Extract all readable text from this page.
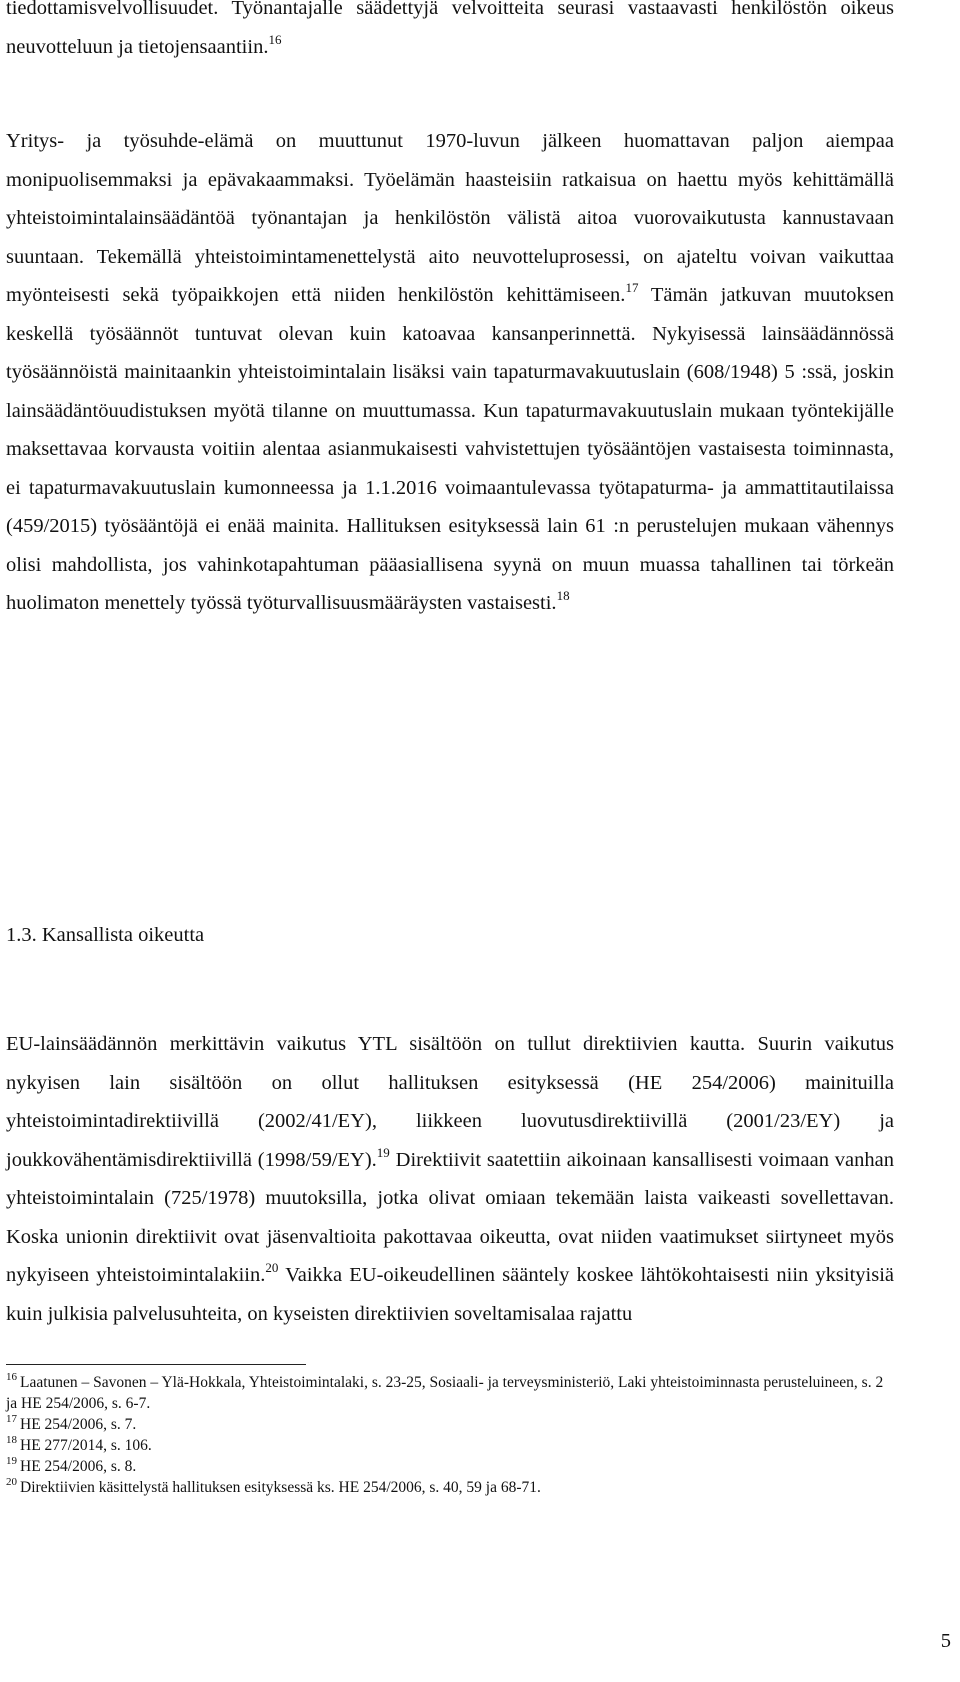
tiedottamisvelvollisuudet. Työnantajalle säädettyjä velvoitteita seurasi vastaavasti henkilöstön oikeus neuvotteluun ja tietojensaantiin.$^{16}$

Yritys- ja työsuhde-elämä on muuttunut 1970-luvun jälkeen huomattavan paljon aiempaa monipuolisemmaksi ja epävakaammaksi. Työelämän haasteisiin ratkaisua on haettu myös kehittämällä yhteistoimintalainsäädäntöä työnantajan ja henkilöstön välistä aitoa vuorovaikutusta kannustavaan suuntaan. Tekemällä yhteistoimintamenettelystä aito neuvotteluprosessi, on ajateltu voivan vaikuttaa myönteisesti sekä työpaikkojen että niiden henkilöstön kehittämiseen.$^{17}$ Tämän jatkuvan muutoksen keskellä työsäännöt tuntuvat olevan kuin katoavaa kansanperinnettä. Nykyisessä lainsäädännössä työsäännöistä mainitaankin yhteistoimintalain lisäksi vain tapaturmavakuutuslain (608/1948) 5 :ssä, joskin lainsäädäntöuudistuksen myötä tilanne on muuttumassa. Kun tapaturmavakuutuslain mukaan työntekijälle maksettavaa korvausta voitiin alentaa asianmukaisesti vahvistettujen työsääntöjen vastaisesta toiminnasta, ei tapaturmavakuutuslain kumonneessa ja 1.1.2016 voimaantulevassa työtapaturma- ja ammattitautilaissa (459/2015) työsääntöjä ei enää mainita. Hallituksen esityksessä lain 61 :n perustelujen mukaan vähennys olisi mahdollista, jos vahinkotapahtuman pääasiallisena syynä on muun muassa tahallinen tai törkeän huolimaton menettely työssä työturvallisuusmääräysten vastaisesti.$^{18}$

1.3. Kansallista oikeutta

EU-lainsäädännön merkittävin vaikutus YTL sisältöön on tullut direktiivien kautta. Suurin vaikutus nykyisen lain sisältöön on ollut hallituksen esityksessä (HE 254/2006) mainituilla yhteistoimintadirektiivillä (2002/41/EY), liikkeen luovutusdirektiivillä (2001/23/EY) ja joukkovähentämisdirektiivillä (1998/59/EY).$^{19}$ Direktiivit saatettiin aikoinaan kansallisesti voimaan vanhan yhteistoimintalain (725/1978) muutoksilla, jotka olivat omiaan tekemään laista vaikeasti sovellettavan. Koska unionin direktiivit ovat jäsenvaltioita pakottavaa oikeutta, ovat niiden vaatimukset siirtyneet myös nykyiseen yhteistoimintalakiin.$^{20}$ Vaikka EU-oikeudellinen sääntely koskee lähtökohtaisesti niin yksityisiä kuin julkisia palvelusuhteita, on kyseisten direktiivien soveltamisalaa rajattu

$^{16}$ Laatunen – Savonen – Ylä-Hokkala, Yhteistoimintalaki, s. 23-25, Sosiaali- ja terveysministeriö, Laki yhteistoiminnasta perusteluineen, s. 2 ja HE 254/2006, s. 6-7.

$^{17}$ HE 254/2006, s. 7.

$^{18}$ HE 277/2014, s. 106.

$^{19}$ HE 254/2006, s. 8.

$^{20}$ Direktiivien käsittelystä hallituksen esityksessä ks. HE 254/2006, s. 40, 59 ja 68-71.

5
